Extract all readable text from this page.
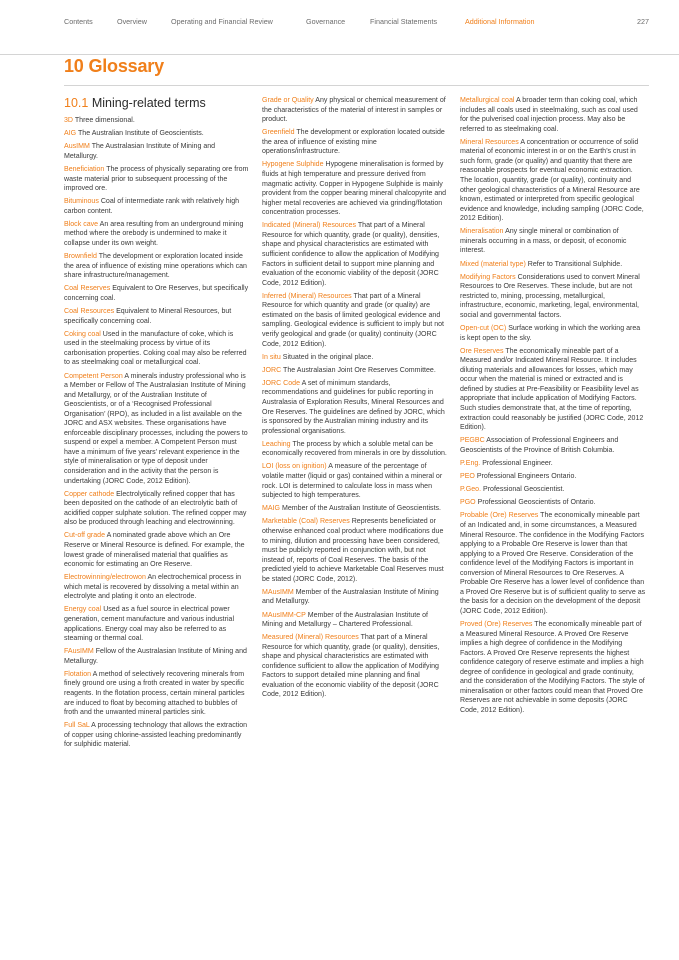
Contents	Overview	Operating and Financial Review	Governance	Financial Statements	Additional Information	227
10 Glossary
10.1 Mining-related terms

3D Three dimensional.

AIG The Australian Institute of Geoscientists.

AusIMM The Australasian Institute of Mining and Metallurgy.

Beneficiation The process of physically separating ore from waste material prior to subsequent processing of the improved ore.

Bituminous Coal of intermediate rank with relatively high carbon content.

Block cave An area resulting from an underground mining method where the orebody is undermined to make it collapse under its own weight.

Brownfield The development or exploration located inside the area of influence of existing mine operations which can share infrastructure/management.

Coal Reserves Equivalent to Ore Reserves, but specifically concerning coal.

Coal Resources Equivalent to Mineral Resources, but specifically concerning coal.

Coking coal Used in the manufacture of coke, which is used in the steelmaking process by virtue of its carbonisation properties. Coking coal may also be referred to as steelmaking coal or metallurgical coal.

Competent Person A minerals industry professional who is a Member or Fellow of The Australasian Institute of Mining and Metallurgy, or of the Australian Institute of Geoscientists, or of a ‘Recognised Professional Organisation’ (RPO), as included in a list available on the JORC and ASX websites. These organisations have enforceable disciplinary processes, including the powers to suspend or expel a member. A Competent Person must have a minimum of five years’ relevant experience in the style of mineralisation or type of deposit under consideration and in the activity that the person is undertaking (JORC Code, 2012 Edition).

Copper cathode Electrolytically refined copper that has been deposited on the cathode of an electrolytic bath of acidified copper sulphate solution. The refined copper may also be produced through leaching and electrowinning.

Cut-off grade A nominated grade above which an Ore Reserve or Mineral Resource is defined. For example, the lowest grade of mineralised material that qualifies as economic for estimating an Ore Reserve.

Electrowinning/electrowon An electrochemical process in which metal is recovered by dissolving a metal within an electrolyte and plating it onto an electrode.

Energy coal Used as a fuel source in electrical power generation, cement manufacture and various industrial applications. Energy coal may also be referred to as steaming or thermal coal.

FAusIMM Fellow of the Australasian Institute of Mining and Metallurgy.

Flotation A method of selectively recovering minerals from finely ground ore using a froth created in water by specific reagents. In the flotation process, certain mineral particles are induced to float by becoming attached to bubbles of froth and the unwanted mineral particles sink.

Full SaL A processing technology that allows the extraction of copper using chlorine-assisted leaching predominantly for sulphidic material.

Grade or Quality Any physical or chemical measurement of the characteristics of the material of interest in samples or product.

Greenfield The development or exploration located outside the area of influence of existing mine operations/infrastructure.

Hypogene Sulphide Hypogene mineralisation is formed by fluids at high temperature and pressure derived from magmatic activity. Copper in Hypogene Sulphide is mainly provident from the copper bearing mineral chalcopyrite and higher metal recoveries are achieved via grinding/flotation concentration processes.

Indicated (Mineral) Resources That part of a Mineral Resource for which quantity, grade (or quality), densities, shape and physical characteristics are estimated with sufficient confidence to allow the application of Modifying Factors in sufficient detail to support mine planning and evaluation of the economic viability of the deposit (JORC Code, 2012 Edition).

Inferred (Mineral) Resources That part of a Mineral Resource for which quantity and grade (or quality) are estimated on the basis of limited geological evidence and sampling. Geological evidence is sufficient to imply but not verify geological and grade (or quality) continuity (JORC Code, 2012 Edition).

In situ Situated in the original place.

JORC The Australasian Joint Ore Reserves Committee.

JORC Code A set of minimum standards, recommendations and guidelines for public reporting in Australasia of Exploration Results, Mineral Resources and Ore Reserves. The guidelines are defined by JORC, which is sponsored by the Australian mining industry and its professional organisations.

Leaching The process by which a soluble metal can be economically recovered from minerals in ore by dissolution.

LOI (loss on ignition) A measure of the percentage of volatile matter (liquid or gas) contained within a mineral or rock. LOI is determined to calculate loss in mass when subjected to high temperatures.

MAIG Member of the Australian Institute of Geoscientists.

Marketable (Coal) Reserves Represents beneficiated or otherwise enhanced coal product where modifications due to mining, dilution and processing have been considered, must be publicly reported in conjunction with, but not instead of, reports of Coal Reserves. The basis of the predicted yield to achieve Marketable Coal Reserves must be stated (JORC Code, 2012).

MAusIMM Member of the Australasian Institute of Mining and Metallurgy.

MAusIMM-CP Member of the Australasian Institute of Mining and Metallurgy – Chartered Professional.

Measured (Mineral) Resources That part of a Mineral Resource for which quantity, grade (or quality), densities, shape and physical characteristics are estimated with confidence sufficient to allow the application of Modifying Factors to support detailed mine planning and final evaluation of the economic viability of the deposit (JORC Code, 2012 Edition).

Metallurgical coal A broader term than coking coal, which includes all coals used in steelmaking, such as coal used for the pulverised coal injection process. May also be referred to as steelmaking coal.

Mineral Resources A concentration or occurrence of solid material of economic interest in or on the Earth’s crust in such form, grade (or quality) and quantity that there are reasonable prospects for eventual economic extraction. The location, quantity, grade (or quality), continuity and other geological characteristics of a Mineral Resource are known, estimated or interpreted from specific geological evidence and knowledge, including sampling (JORC Code, 2012 Edition).

Mineralisation Any single mineral or combination of minerals occurring in a mass, or deposit, of economic interest.

Mixed (material type) Refer to Transitional Sulphide.

Modifying Factors Considerations used to convert Mineral Resources to Ore Reserves. These include, but are not restricted to, mining, processing, metallurgical, infrastructure, economic, marketing, legal, environmental, social and governmental factors.

Open-cut (OC) Surface working in which the working area is kept open to the sky.

Ore Reserves The economically mineable part of a Measured and/or Indicated Mineral Resource. It includes diluting materials and allowances for losses, which may occur when the material is mined or extracted and is defined by studies at Pre-Feasibility or Feasibility level as appropriate that include application of Modifying Factors. Such studies demonstrate that, at the time of reporting, extraction could reasonably be justified (JORC Code, 2012 Edition).

PEGBC Association of Professional Engineers and Geoscientists of the Province of British Columbia.

P.Eng. Professional Engineer.

PEO Professional Engineers Ontario.

P.Geo. Professional Geoscientist.

PGO Professional Geoscientists of Ontario.

Probable (Ore) Reserves The economically mineable part of an Indicated and, in some circumstances, a Measured Mineral Resource. The confidence in the Modifying Factors applying to a Probable Ore Reserve is lower than that applying to a Proved Ore Reserve. Consideration of the confidence level of the Modifying Factors is important in conversion of Mineral Resources to Ore Reserves. A Probable Ore Reserve has a lower level of confidence than a Proved Ore Reserve but is of sufficient quality to serve as the basis for a decision on the development of the deposit (JORC Code, 2012 Edition).

Proved (Ore) Reserves The economically mineable part of a Measured Mineral Resource. A Proved Ore Reserve implies a high degree of confidence in the Modifying Factors. A Proved Ore Reserve represents the highest confidence category of reserve estimate and implies a high degree of confidence in geological and grade continuity, and the consideration of the Modifying Factors. The style of mineralisation or other factors could mean that Proved Ore Reserves are not achievable in some deposits (JORC Code, 2012 Edition).
